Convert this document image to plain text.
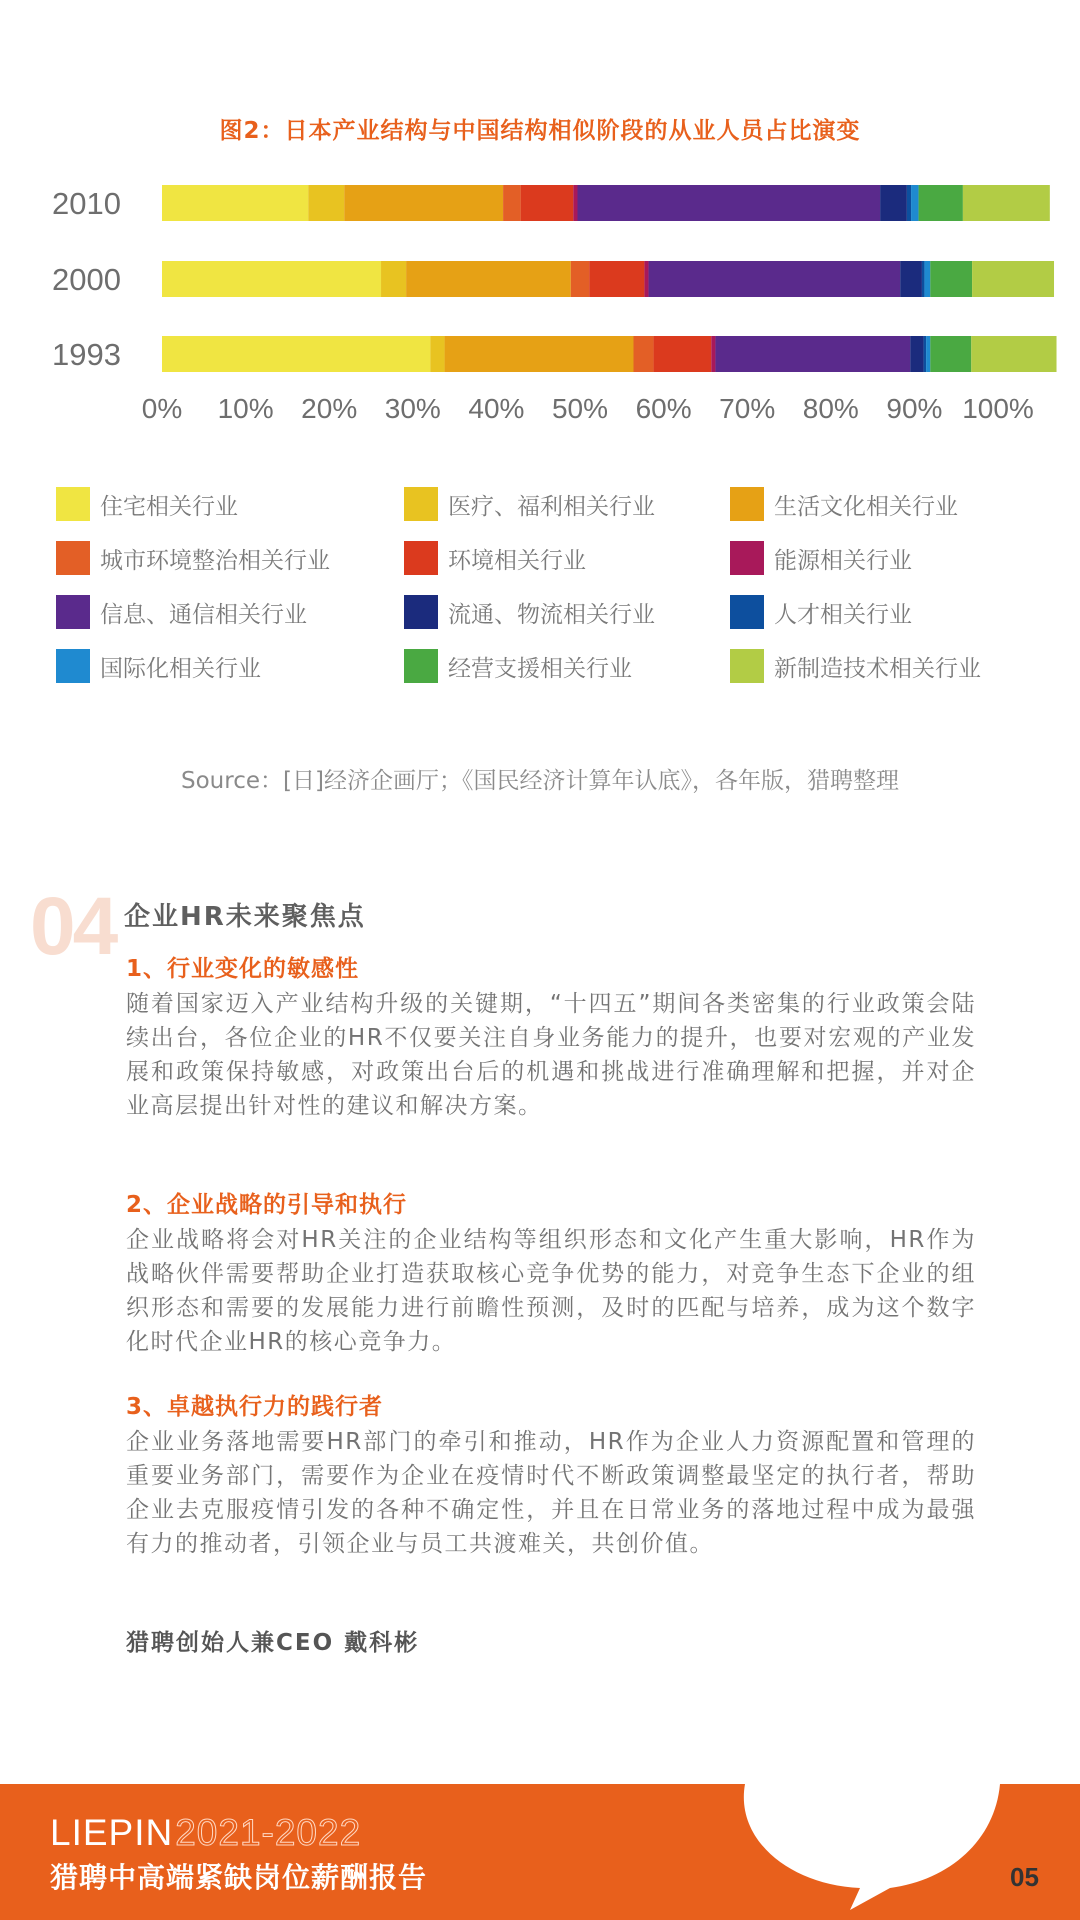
图2：日本产业结构与中国结构相似阶段的从业人员占比演变
2010
2000
1993
0% 10% 20% 30% 40% 50% 60% 70% 80% 90% 100%
住宅相关行业	医疗、福利相关行业	生活文化相关行业
城市环境整治相关行业	环境相关行业	能源相关行业
信息、通信相关行业	流通、物流相关行业	人才相关行业
国际化相关行业	经营支援相关行业	新制造技术相关行业
Source：[日]经济企画厅；《国民经济计算年认底》，各年版，猎聘整理
04 企业HR未来聚焦点

1、行业变化的敏感性

随着国家迈入产业结构升级的关键期，“十四五”期间各类密集的行业政策会陆续出台，各位企业的HR不仅要关注自身业务能力的提升，也要对宏观的产业发展和政策保持敏感，对政策出台后的机遇和挑战进行准确理解和把握，并对企业高层提出针对性的建议和解决方案。

2、企业战略的引导和执行

企业战略将会对HR关注的企业结构等组织形态和文化产生重大影响，HR作为战略伙伴需要帮助企业打造获取核心竞争优势的能力，对竞争生态下企业的组织形态和需要的发展能力进行前瞻性预测，及时的匹配与培养，成为这个数字化时代企业HR的核心竞争力。

3、卓越执行力的践行者

企业业务落地需要HR部门的牵引和推动，HR作为企业人力资源配置和管理的重要业务部门，需要作为企业在疫情时代不断政策调整最坚定的执行者，帮助企业去克服疫情引发的各种不确定性，并且在日常业务的落地过程中成为最强有力的推动者，引领企业与员工共渡难关，共创价值。

猎聘创始人兼CEO 戴科彬
LIEPIN2021-2022
猎聘中高端紧缺岗位薪酬报告	05
